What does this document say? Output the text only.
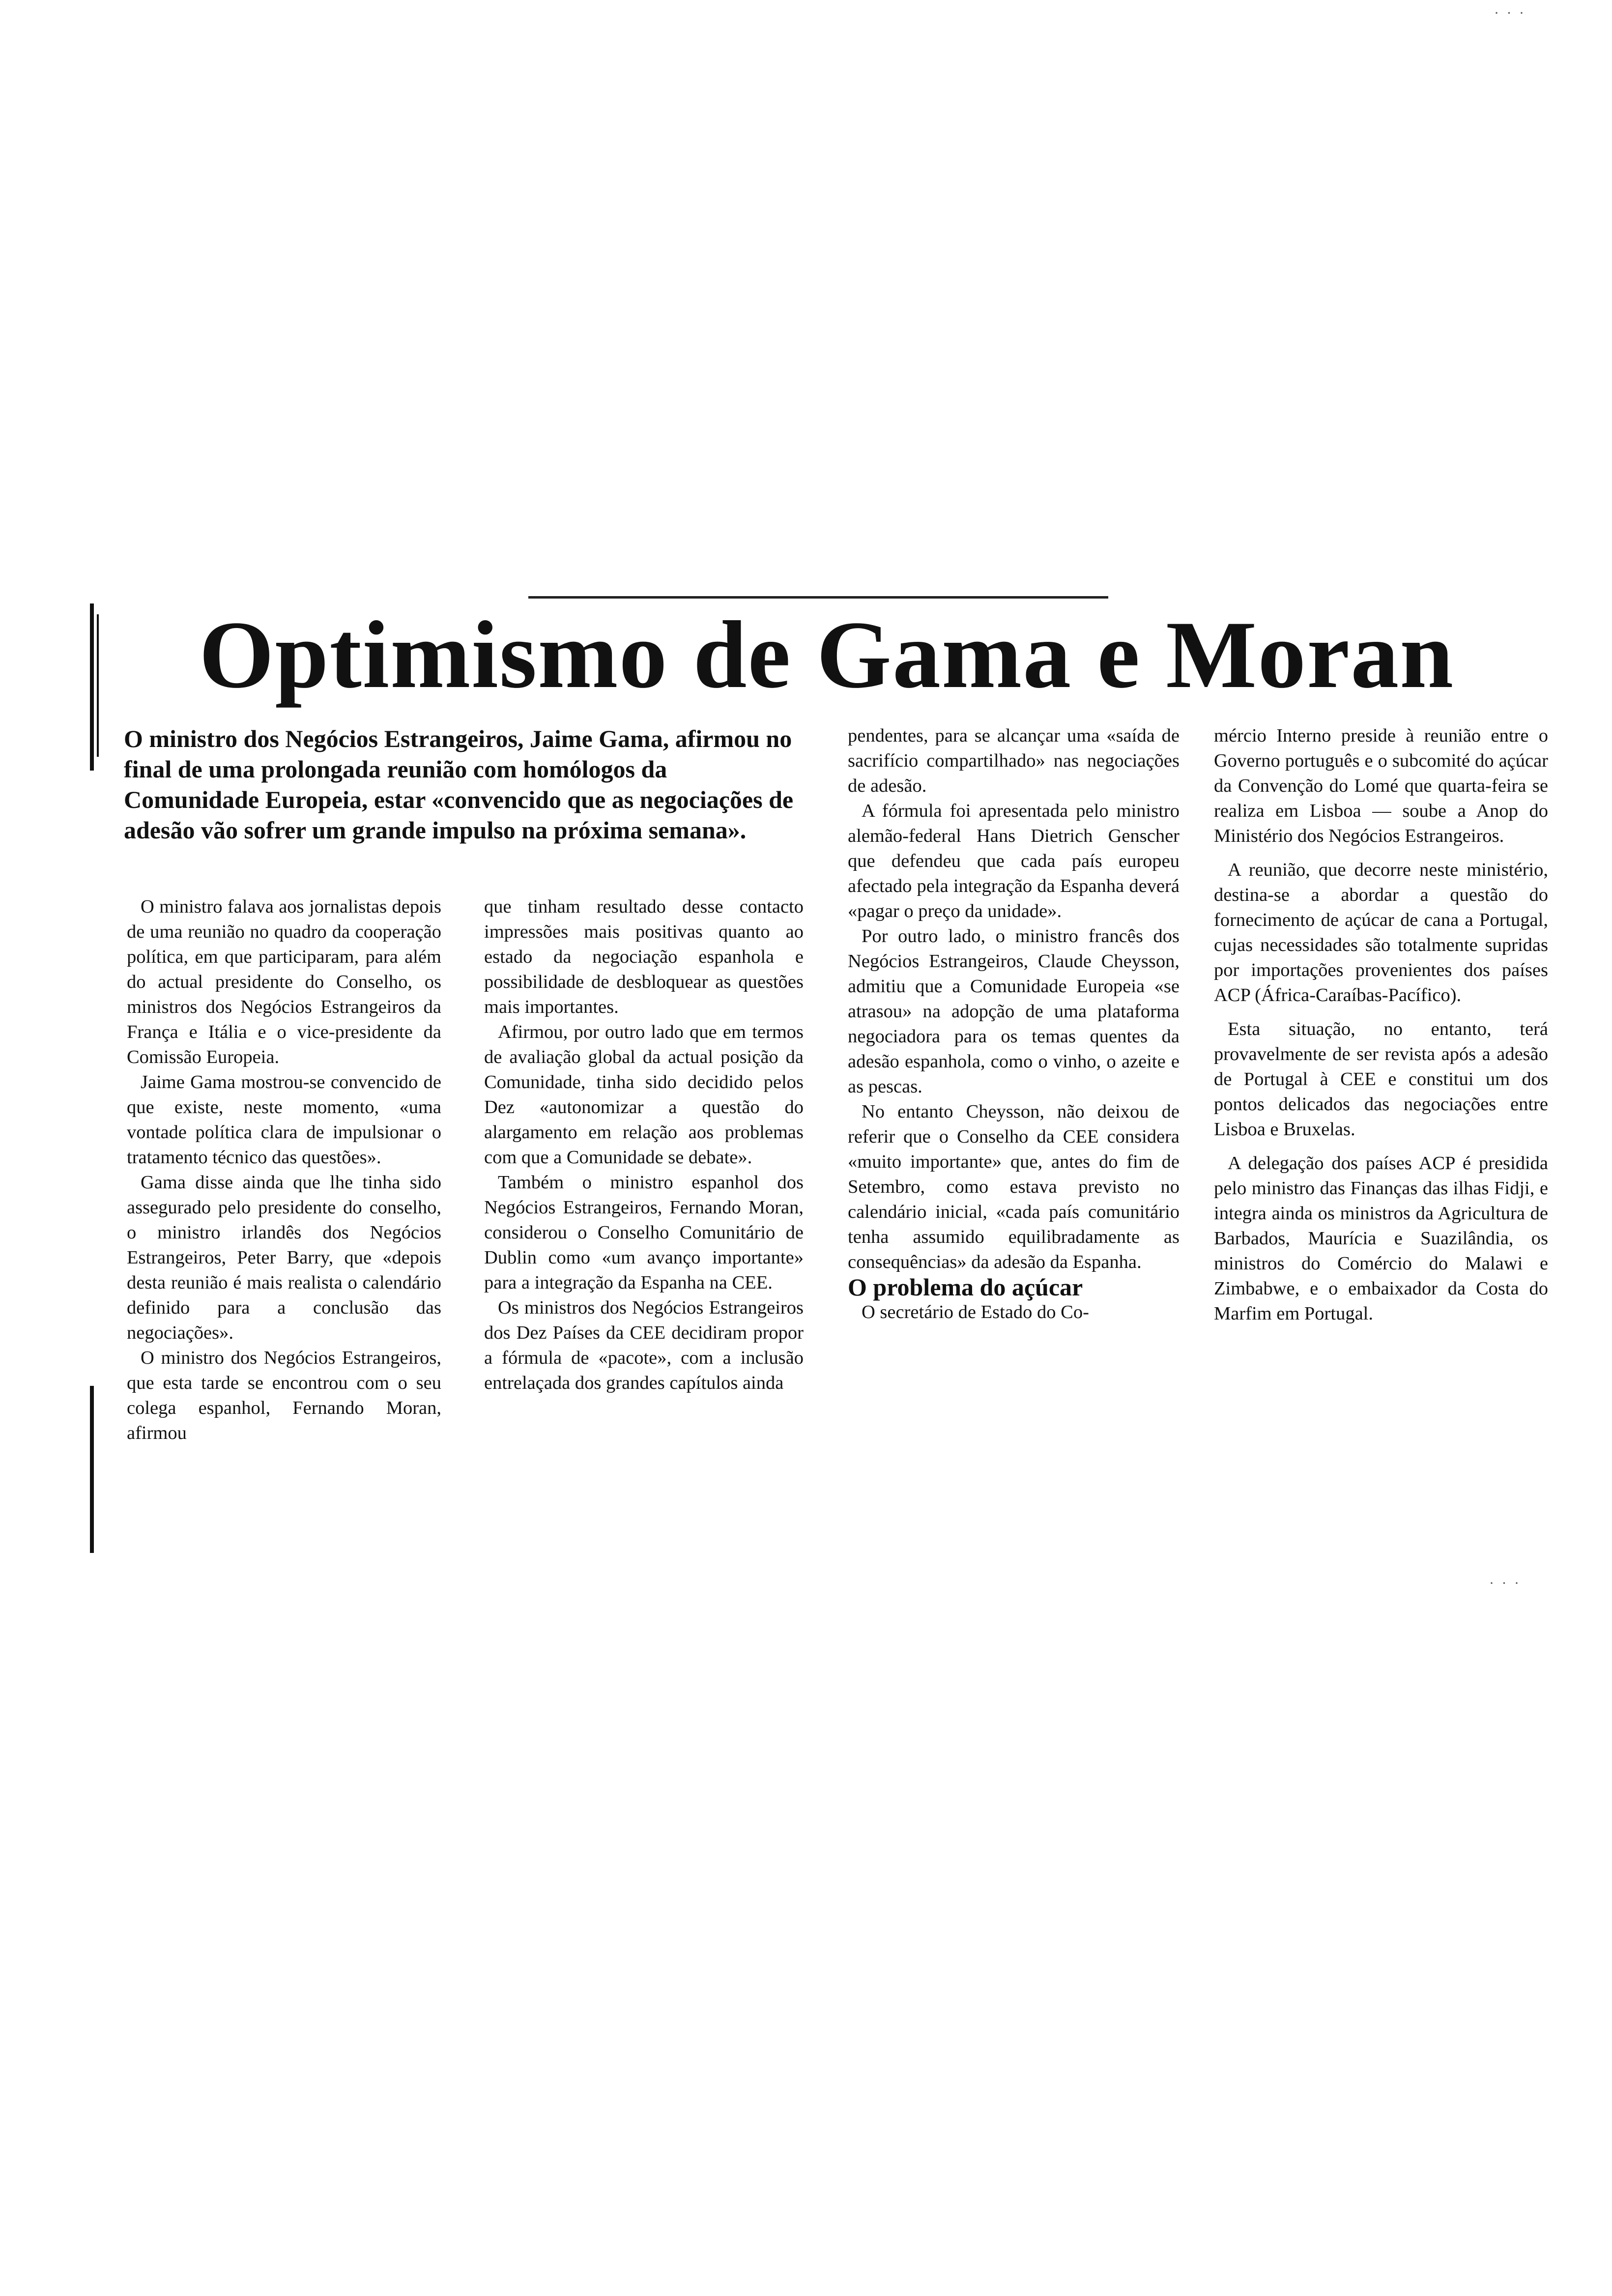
Optimismo de Gama e Moran

O ministro dos Negócios Estrangeiros, Jaime Gama, afirmou no final de uma prolongada reunião com homólogos da Comunidade Europeia, estar «convencido que as negociações de adesão vão sofrer um grande impulso na próxima semana».

O ministro falava aos jornalistas depois de uma reunião no quadro da cooperação política, em que participaram, para além do actual presidente do Conselho, os ministros dos Negócios Estrangeiros da França e Itália e o vice-presidente da Comissão Europeia.

Jaime Gama mostrou-se convencido de que existe, neste momento, «uma vontade política clara de impulsionar o tratamento técnico das questões».

Gama disse ainda que lhe tinha sido assegurado pelo presidente do conselho, o ministro irlandês dos Negócios Estrangeiros, Peter Barry, que «depois desta reunião é mais realista o calendário definido para a conclusão das negociações».

O ministro dos Negócios Estrangeiros, que esta tarde se encontrou com o seu colega espanhol, Fernando Moran, afirmou

que tinham resultado desse contacto impressões mais positivas quanto ao estado da negociação espanhola e possibilidade de desbloquear as questões mais importantes.

Afirmou, por outro lado que em termos de avaliação global da actual posição da Comunidade, tinha sido decidido pelos Dez «autonomizar a questão do alargamento em relação aos problemas com que a Comunidade se debate».

Também o ministro espanhol dos Negócios Estrangeiros, Fernando Moran, considerou o Conselho Comunitário de Dublin como «um avanço importante» para a integração da Espanha na CEE.

Os ministros dos Negócios Estrangeiros dos Dez Países da CEE decidiram propor a fórmula de «pacote», com a inclusão entrelaçada dos grandes capítulos ainda

pendentes, para se alcançar uma «saída de sacrifício compartilhado» nas negociações de adesão.

A fórmula foi apresentada pelo ministro alemão-federal Hans Dietrich Genscher que defendeu que cada país europeu afectado pela integração da Espanha deverá «pagar o preço da unidade».

Por outro lado, o ministro francês dos Negócios Estrangeiros, Claude Cheysson, admitiu que a Comunidade Europeia «se atrasou» na adopção de uma plataforma negociadora para os temas quentes da adesão espanhola, como o vinho, o azeite e as pescas.

No entanto Cheysson, não deixou de referir que o Conselho da CEE considera «muito importante» que, antes do fim de Setembro, como estava previsto no calendário inicial, «cada país comunitário tenha assumido equilibradamente as consequências» da adesão da Espanha.

O problema do açúcar

O secretário de Estado do Co-

mércio Interno preside à reunião entre o Governo português e o subcomité do açúcar da Convenção do Lomé que quarta-feira se realiza em Lisboa — soube a Anop do Ministério dos Negócios Estrangeiros.

A reunião, que decorre neste ministério, destina-se a abordar a questão do fornecimento de açúcar de cana a Portugal, cujas necessidades são totalmente supridas por importações provenientes dos países ACP (África-Caraíbas-Pacífico).

Esta situação, no entanto, terá provavelmente de ser revista após a adesão de Portugal à CEE e constitui um dos pontos delicados das negociações entre Lisboa e Bruxelas.

A delegação dos países ACP é presidida pelo ministro das Finanças das ilhas Fidji, e integra ainda os ministros da Agricultura de Barbados, Maurícia e Suazilândia, os ministros do Comércio do Malawi e Zimbabwe, e o embaixador da Costa do Marfim em Portugal.

· · ·
· · ·
